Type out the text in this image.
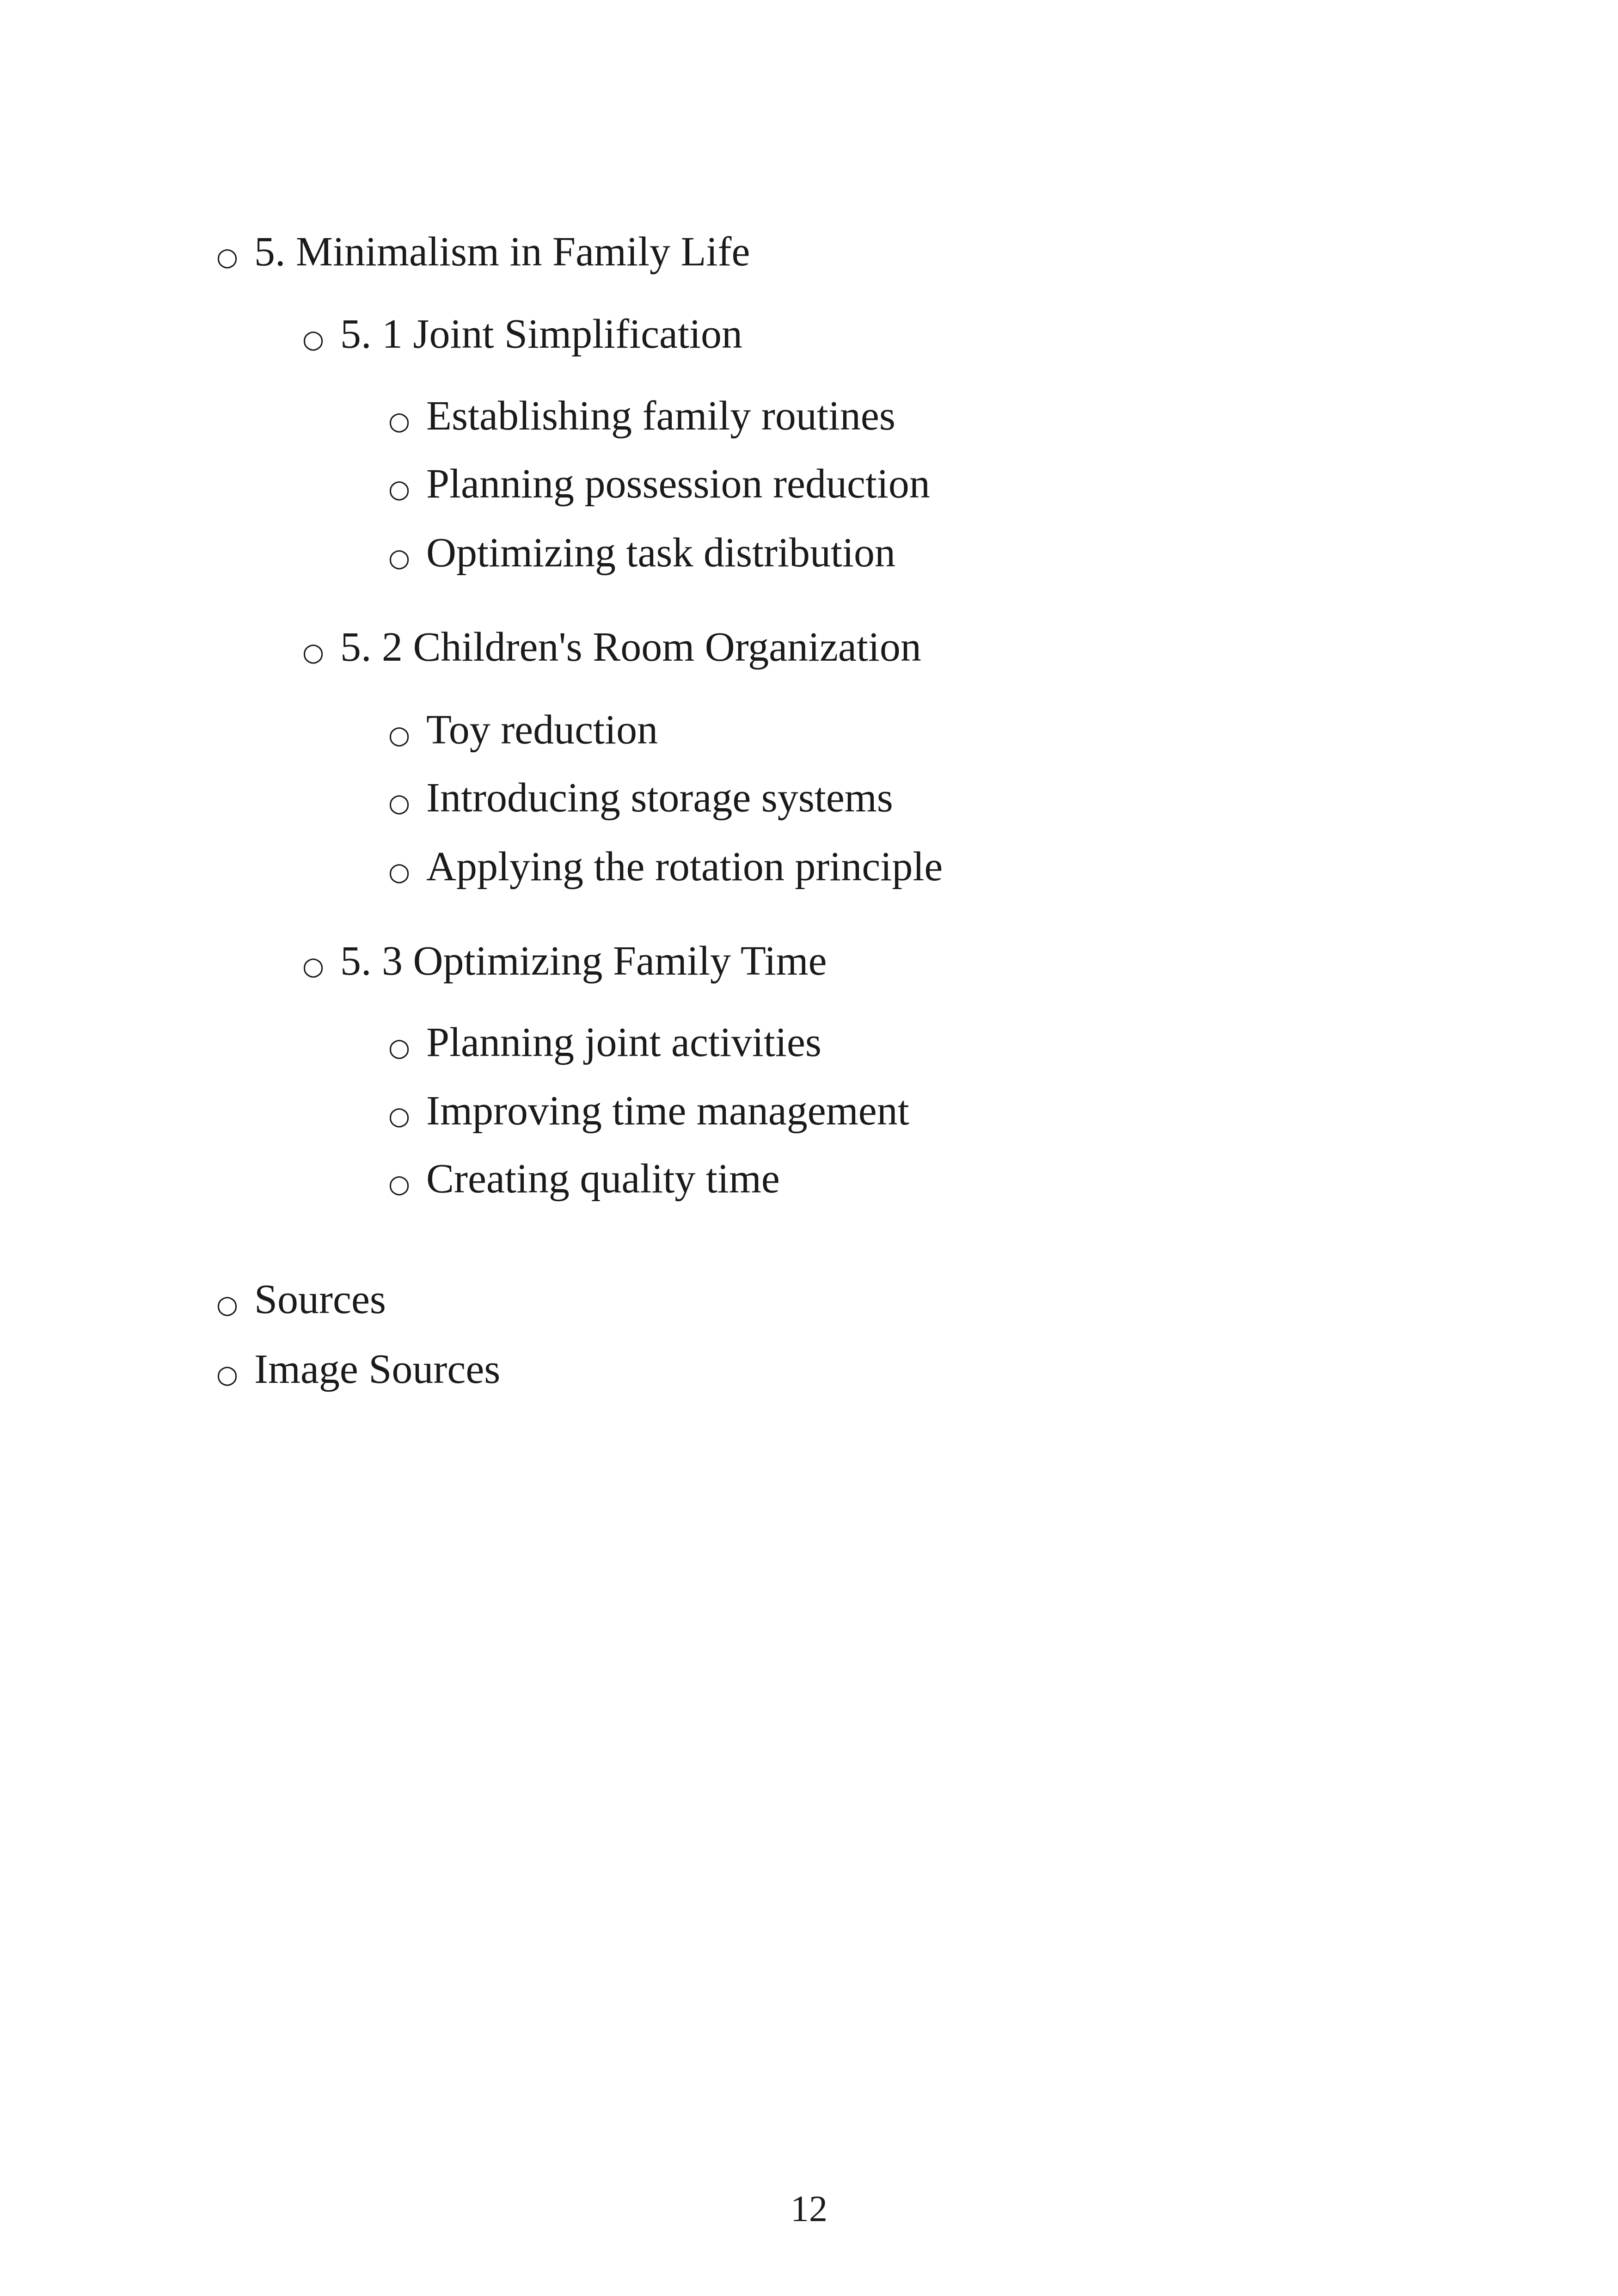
○ 5. Minimalism in Family Life
○ 5. 1 Joint Simplification
○ Establishing family routines
○ Planning possession reduction
○ Optimizing task distribution
○ 5. 2 Children's Room Organization
○ Toy reduction
○ Introducing storage systems
○ Applying the rotation principle
○ 5. 3 Optimizing Family Time
○ Planning joint activities
○ Improving time management
○ Creating quality time
○ Sources
○ Image Sources
12
